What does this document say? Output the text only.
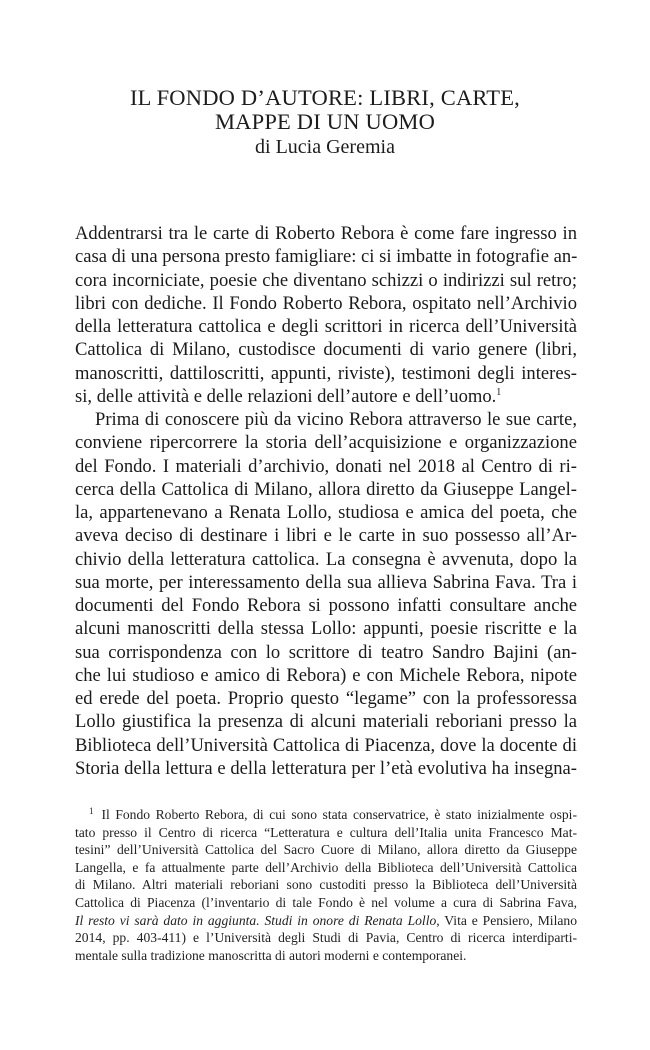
IL FONDO D’AUTORE: LIBRI, CARTE,
MAPPE DI UN UOMO
di Lucia Geremia
Addentrarsi tra le carte di Roberto Rebora è come fare ingresso in
casa di una persona presto famigliare: ci si imbatte in fotografie an-
cora incorniciate, poesie che diventano schizzi o indirizzi sul retro;
libri con dediche. Il Fondo Roberto Rebora, ospitato nell’Archivio
della letteratura cattolica e degli scrittori in ricerca dell’Università
Cattolica di Milano, custodisce documenti di vario genere (libri,
manoscritti, dattiloscritti, appunti, riviste), testimoni degli interes-
si, delle attività e delle relazioni dell’autore e dell’uomo.$^1$
Prima di conoscere più da vicino Rebora attraverso le sue carte,
conviene ripercorrere la storia dell’acquisizione e organizzazione
del Fondo. I materiali d’archivio, donati nel 2018 al Centro di ri-
cerca della Cattolica di Milano, allora diretto da Giuseppe Langel-
la, appartenevano a Renata Lollo, studiosa e amica del poeta, che
aveva deciso di destinare i libri e le carte in suo possesso all’Ar-
chivio della letteratura cattolica. La consegna è avvenuta, dopo la
sua morte, per interessamento della sua allieva Sabrina Fava. Tra i
documenti del Fondo Rebora si possono infatti consultare anche
alcuni manoscritti della stessa Lollo: appunti, poesie riscritte e la
sua corrispondenza con lo scrittore di teatro Sandro Bajini (an-
che lui studioso e amico di Rebora) e con Michele Rebora, nipote
ed erede del poeta. Proprio questo “legame” con la professoressa
Lollo giustifica la presenza di alcuni materiali reboriani presso la
Biblioteca dell’Università Cattolica di Piacenza, dove la docente di
Storia della lettura e della letteratura per l’età evolutiva ha insegna-
$^1$ Il Fondo Roberto Rebora, di cui sono stata conservatrice, è stato inizialmente ospi-
tato presso il Centro di ricerca “Letteratura e cultura dell’Italia unita Francesco Mat-
tesini” dell’Università Cattolica del Sacro Cuore di Milano, allora diretto da Giuseppe
Langella, e fa attualmente parte dell’Archivio della Biblioteca dell’Università Cattolica
di Milano. Altri materiali reboriani sono custoditi presso la Biblioteca dell’Università
Cattolica di Piacenza (l’inventario di tale Fondo è nel volume a cura di Sabrina Fava,
Il resto vi sarà dato in aggiunta. Studi in onore di Renata Lollo, Vita e Pensiero, Milano
2014, pp. 403-411) e l’Università degli Studi di Pavia, Centro di ricerca interdiparti-
mentale sulla tradizione manoscritta di autori moderni e contemporanei.
